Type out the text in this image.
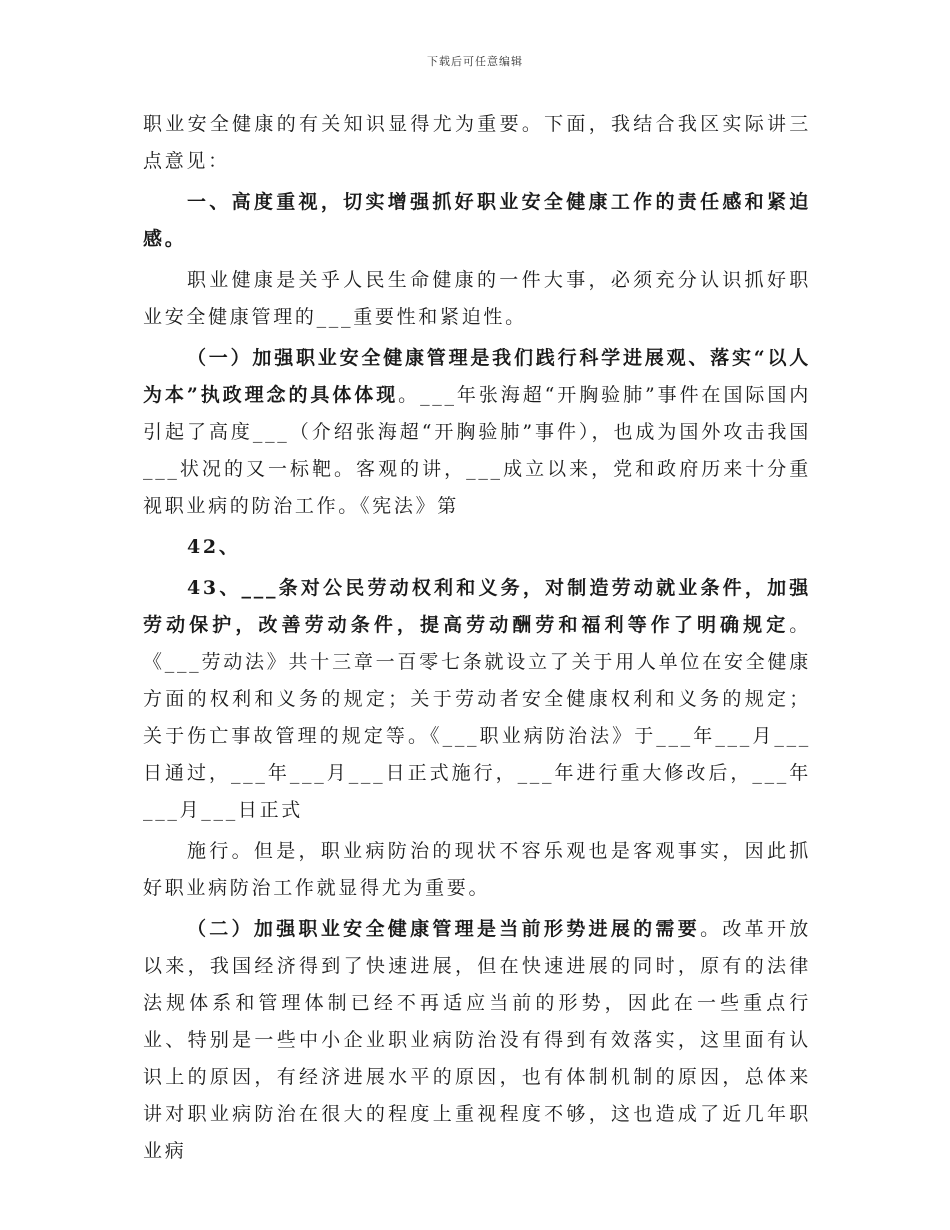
下载后可任意编辑

职业安全健康的有关知识显得尤为重要。下面，我结合我区实际讲三点意见：

一、高度重视，切实增强抓好职业安全健康工作的责任感和紧迫感。

职业健康是关乎人民生命健康的一件大事，必须充分认识抓好职业安全健康管理的___重要性和紧迫性。

（一）加强职业安全健康管理是我们践行科学进展观、落实“以人为本”执政理念的具体体现。___年张海超“开胸验肺”事件在国际国内引起了高度___（介绍张海超“开胸验肺”事件），也成为国外攻击我国___状况的又一标靶。客观的讲，___成立以来，党和政府历来十分重视职业病的防治工作。《宪法》第

42、

43、___条对公民劳动权利和义务，对制造劳动就业条件，加强劳动保护，改善劳动条件，提高劳动酬劳和福利等作了明确规定。《___劳动法》共十三章一百零七条就设立了关于用人单位在安全健康方面的权利和义务的规定；关于劳动者安全健康权利和义务的规定；关于伤亡事故管理的规定等。《___职业病防治法》于___年___月___日通过，___年___月___日正式施行，___年进行重大修改后，___年___月___日正式

施行。但是，职业病防治的现状不容乐观也是客观事实，因此抓好职业病防治工作就显得尤为重要。

（二）加强职业安全健康管理是当前形势进展的需要。改革开放以来，我国经济得到了快速进展，但在快速进展的同时，原有的法律法规体系和管理体制已经不再适应当前的形势，因此在一些重点行业、特别是一些中小企业职业病防治没有得到有效落实，这里面有认识上的原因，有经济进展水平的原因，也有体制机制的原因，总体来讲对职业病防治在很大的程度上重视程度不够，这也造成了近几年职业病
